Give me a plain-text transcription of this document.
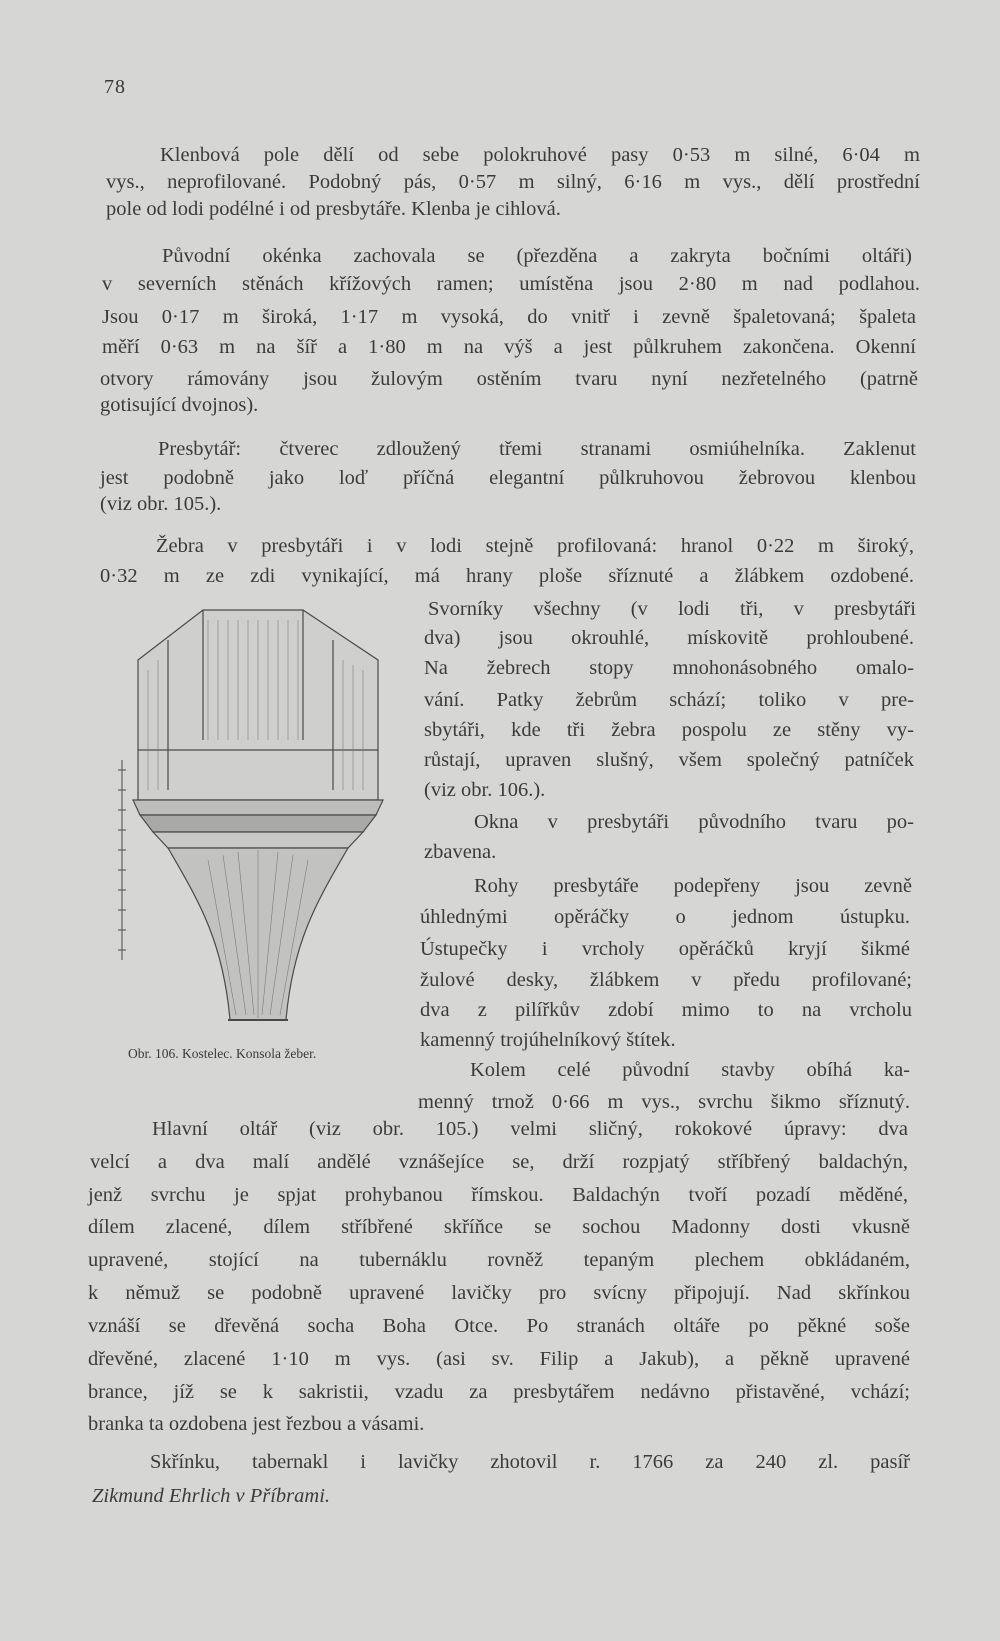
78
Klenbová pole dělí od sebe polokruhové pasy 0·53 m silné, 6·04 m
vys., neprofilované. Podobný pás, 0·57 m silný, 6·16 m vys., dělí prostřední
pole od lodi podélné i od presbytáře. Klenba je cihlová.
Původní okénka zachovala se (přezděna a zakryta bočními oltáři)
v severních stěnách křížových ramen; umístěna jsou 2·80 m nad podlahou.
Jsou 0·17 m široká, 1·17 m vysoká, do vnitř i zevně špaletovaná; špaleta
měří 0·63 m na šíř a 1·80 m na výš a jest půlkruhem zakončena. Okenní
otvory rámovány jsou žulovým ostěním tvaru nyní nezřetelného (patrně
gotisující dvojnos).
Presbytář: čtverec zdloužený třemi stranami osmiúhelníka. Zaklenut
jest podobně jako loď příčná elegantní půlkruhovou žebrovou klenbou
(viz obr. 105.).
Žebra v presbytáři i v lodi stejně profilovaná: hranol 0·22 m široký,
0·32 m ze zdi vynikající, má hrany ploše sříznuté a žlábkem ozdobené.
Obr. 106. Kostelec. Konsola žeber.
Svorníky všechny (v lodi tři, v presbytáři
dva) jsou okrouhlé, mískovitě prohloubené.
Na žebrech stopy mnohonásobného omalo-
vání. Patky žebrům schází; toliko v pre-
sbytáři, kde tři žebra pospolu ze stěny vy-
růstají, upraven slušný, všem společný patníček
(viz obr. 106.).
Okna v presbytáři původního tvaru po-
zbavena.
Rohy presbytáře podepřeny jsou zevně
úhlednými opěráčky o jednom ústupku.
Ústupečky i vrcholy opěráčků kryjí šikmé
žulové desky, žlábkem v předu profilované;
dva z pilířkův zdobí mimo to na vrcholu
kamenný trojúhelníkový štítek.
Kolem celé původní stavby obíhá ka-
menný trnož 0·66 m vys., svrchu šikmo sříznutý.
Hlavní oltář (viz obr. 105.) velmi sličný, rokokové úpravy: dva
velcí a dva malí andělé vznášejíce se, drží rozpjatý stříbřený baldachýn,
jenž svrchu je spjat prohybanou římskou. Baldachýn tvoří pozadí měděné,
dílem zlacené, dílem stříbřené skříňce se sochou Madonny dosti vkusně
upravené, stojící na tubernáklu rovněž tepaným plechem obkládaném,
k němuž se podobně upravené lavičky pro svícny připojují. Nad skřínkou
vznáší se dřevěná socha Boha Otce. Po stranách oltáře po pěkné soše
dřevěné, zlacené 1·10 m vys. (asi sv. Filip a Jakub), a pěkně upravené
brance, jíž se k sakristii, vzadu za presbytářem nedávno přistavěné, vchází;
branka ta ozdobena jest řezbou a vásami.
Skřínku, tabernakl i lavičky zhotovil r. 1766 za 240 zl. pasíř
Zikmund Ehrlich v Příbrami.
